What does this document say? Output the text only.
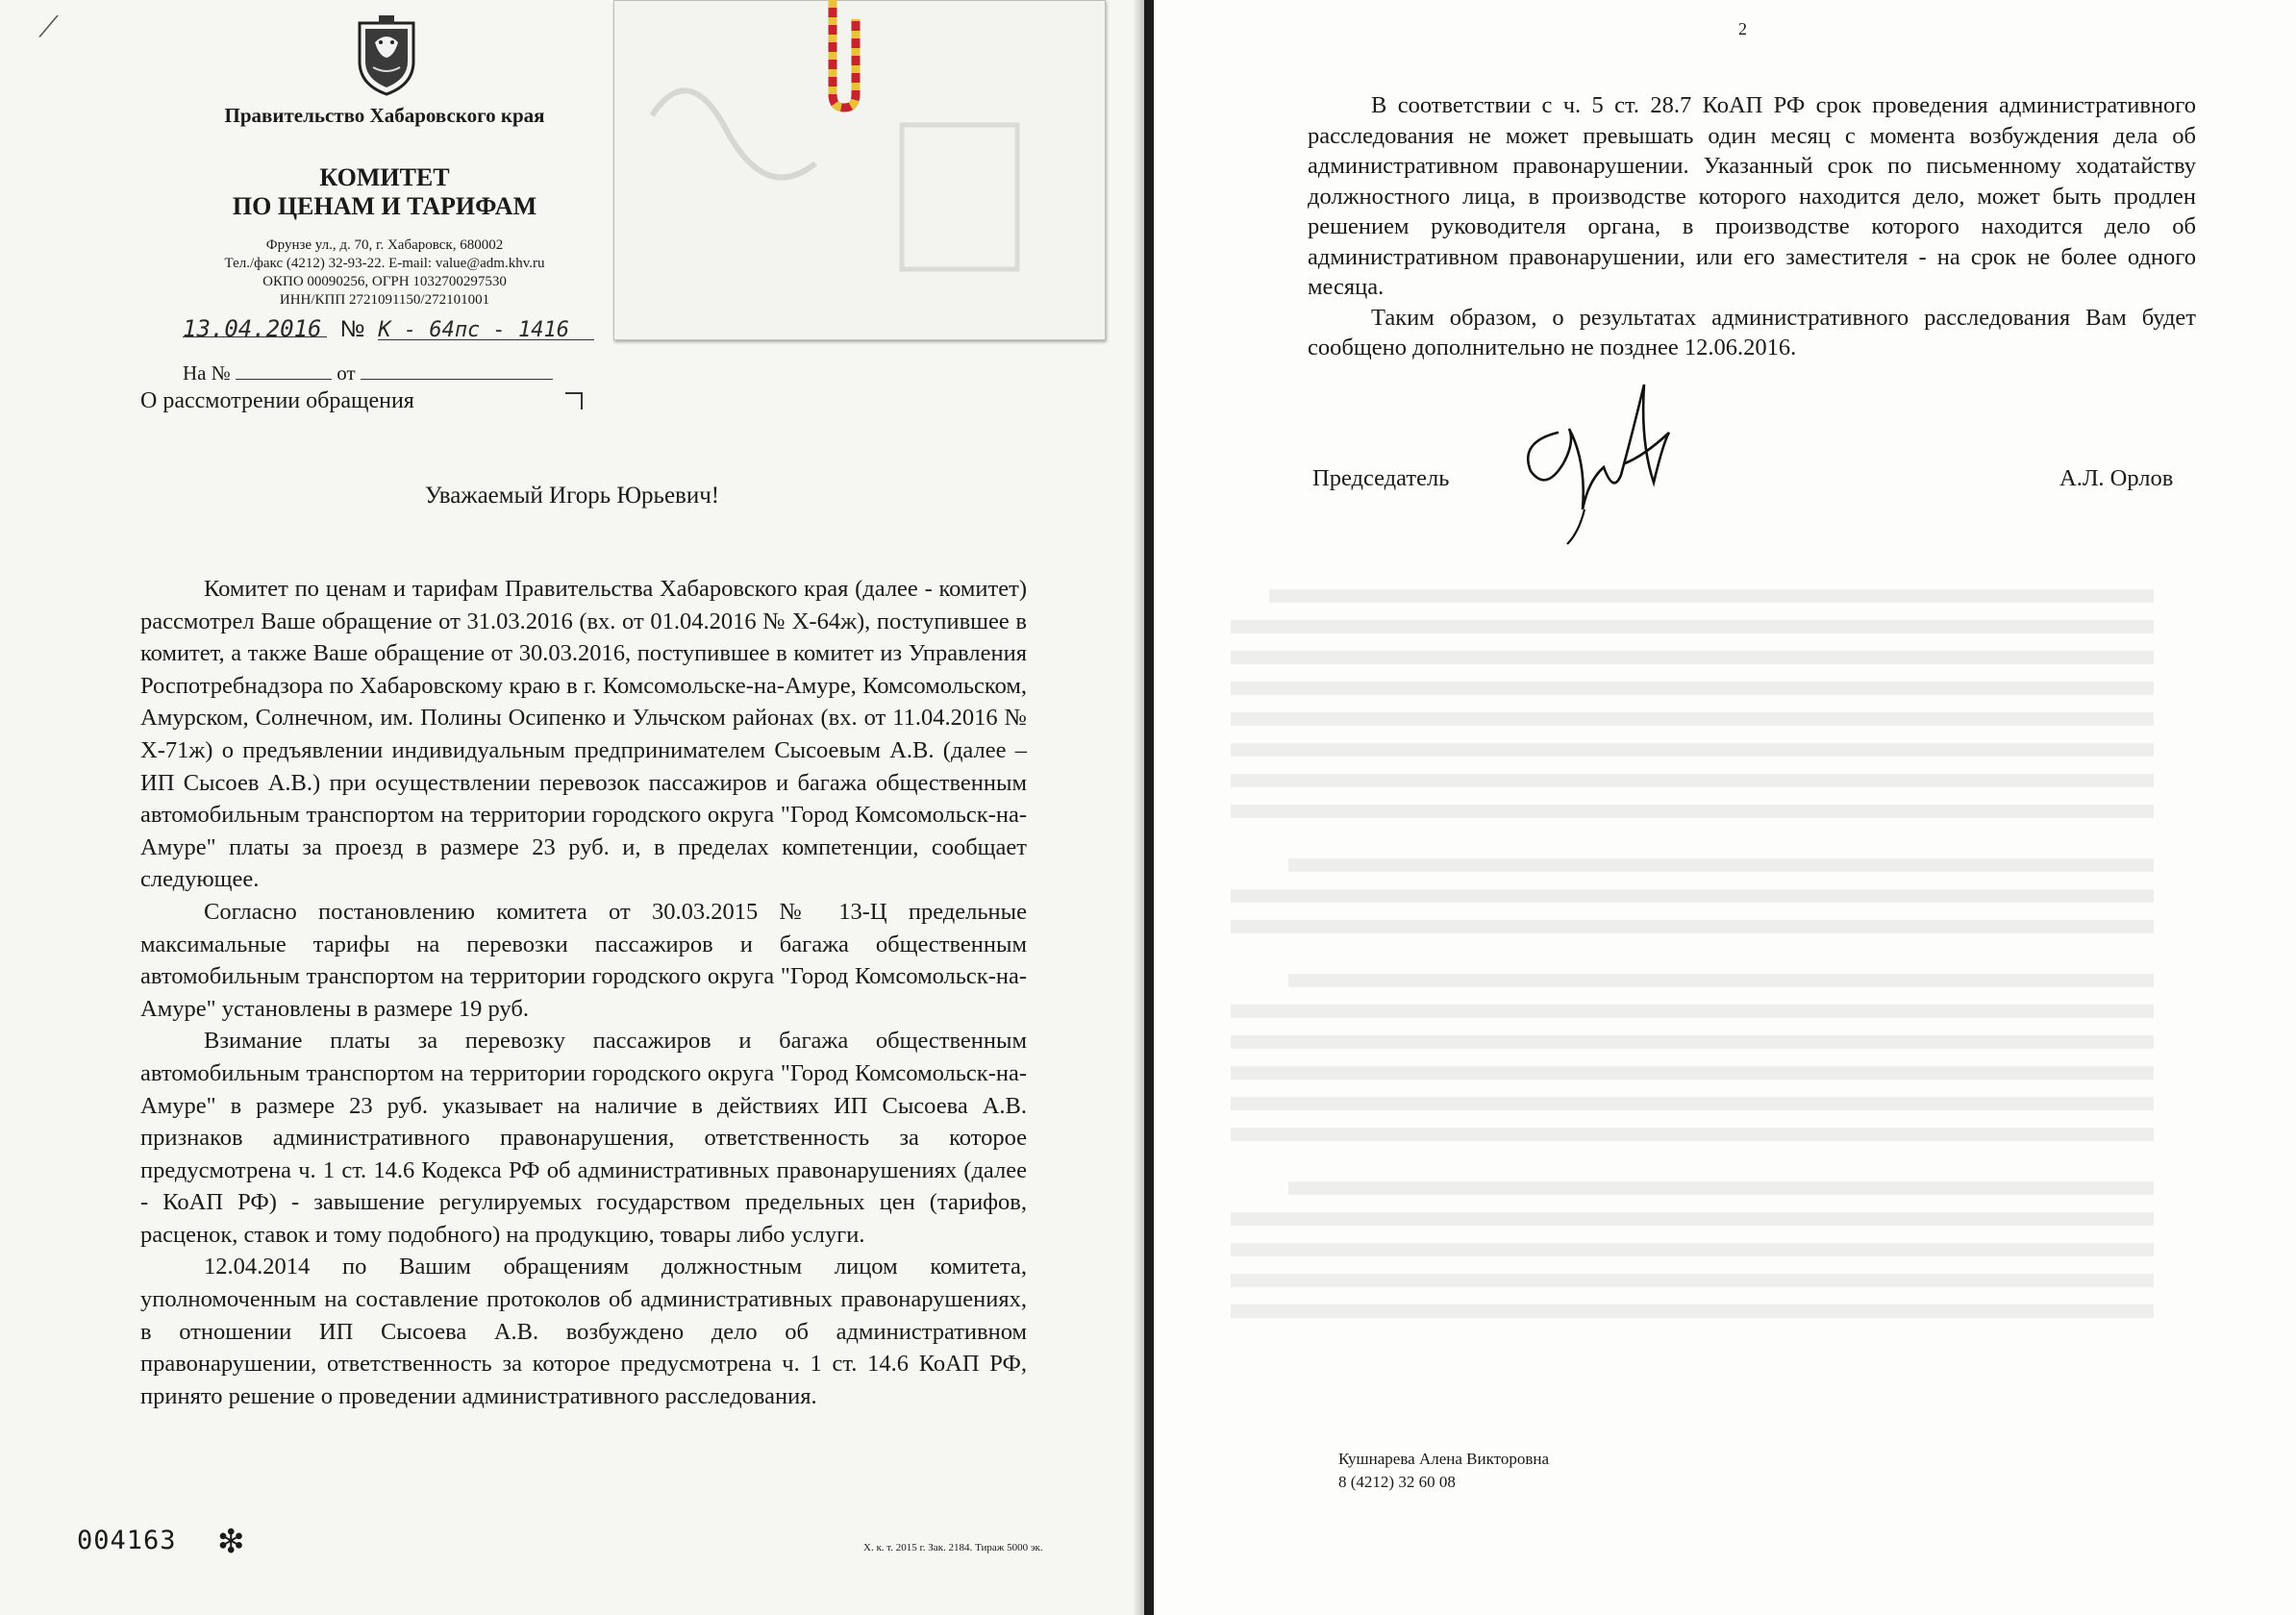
Правительство Хабаровского края
КОМИТЕТ
ПО ЦЕНАМ И ТАРИФАМ
Фрунзе ул., д. 70, г. Хабаровск, 680002
Тел./факс (4212) 32-93-22. E-mail: value@adm.khv.ru
ОКПО 00090256, ОГРН 1032700297530
ИНН/КПП 2721091150/272101001
13.04.2016 № К - 64пс - 1416
На №	от
О рассмотрении обращения
Уважаемый Игорь Юрьевич!

Комитет по ценам и тарифам Правительства Хабаровского края (далее - комитет) рассмотрел Ваше обращение от 31.03.2016 (вх. от 01.04.2016 № Х-64ж), поступившее в комитет, а также Ваше обращение от 30.03.2016, поступившее в комитет из Управления Роспотребнадзора по Хабаровскому краю в г. Комсомольске-на-Амуре, Комсомольском, Амурском, Солнечном, им. Полины Осипенко и Ульчском районах (вх. от 11.04.2016 № Х-71ж) о предъявлении индивидуальным предпринимателем Сысоевым А.В. (далее – ИП Сысоев А.В.) при осуществлении перевозок пассажиров и багажа общественным автомобильным транспортом на территории городского округа "Город Комсомольск-на-Амуре" платы за проезд в размере 23 руб. и, в пределах компетенции, сообщает следующее.

Согласно постановлению комитета от 30.03.2015 № 13-Ц предельные максимальные тарифы на перевозки пассажиров и багажа общественным автомобильным транспортом на территории городского округа "Город Комсомольск-на-Амуре" установлены в размере 19 руб.

Взимание платы за перевозку пассажиров и багажа общественным автомобильным транспортом на территории городского округа "Город Комсомольск-на-Амуре" в размере 23 руб. указывает на наличие в действиях ИП Сысоева А.В. признаков административного правонарушения, ответственность за которое предусмотрена ч. 1 ст. 14.6 Кодекса РФ об административных правонарушениях (далее - КоАП РФ) - завышение регулируемых государством предельных цен (тарифов, расценок, ставок и тому подобного) на продукцию, товары либо услуги.

12.04.2014 по Вашим обращениям должностным лицом комитета, уполномоченным на составление протоколов об административных правонарушениях, в отношении ИП Сысоева А.В. возбуждено дело об административном правонарушении, ответственность за которое предусмотрена ч. 1 ст. 14.6 КоАП РФ, принято решение о проведении административного расследования.

004163 ❇	Х. к. т. 2015 г. Зак. 2184. Тираж 5000 эк.
⟋	2

В соответствии с ч. 5 ст. 28.7 КоАП РФ срок проведения административного расследования не может превышать один месяц с момента возбуждения дела об административном правонарушении. Указанный срок по письменному ходатайству должностного лица, в производстве которого находится дело, может быть продлен решением руководителя органа, в производстве которого находится дело об административном правонарушении, или его заместителя - на срок не более одного месяца.

Таким образом, о результатах административного расследования Вам будет сообщено дополнительно не позднее 12.06.2016.

Председатель	А.Л. Орлов
Кушнарева Алена Викторовна
8 (4212) 32 60 08
